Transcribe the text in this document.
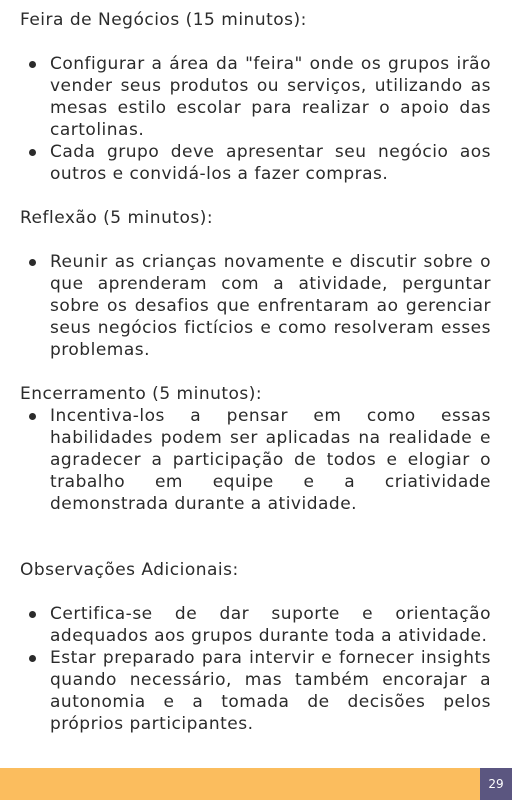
Feira de Negócios (15 minutos):

Configurar a área da "feira" onde os grupos irão vender seus produtos ou serviços, utilizando as mesas estilo escolar para realizar o apoio das cartolinas.
Cada grupo deve apresentar seu negócio aos outros e convidá-los a fazer compras.

Reflexão (5 minutos):

Reunir as crianças novamente e discutir sobre o que aprenderam com a atividade, perguntar sobre os desafios que enfrentaram ao gerenciar seus negócios fictícios e como resolveram esses problemas.

Encerramento (5 minutos):

Incentiva-los a pensar em como essas habilidades podem ser aplicadas na realidade e agradecer a participação de todos e elogiar o trabalho em equipe e a criatividade demonstrada durante a atividade.

Observações Adicionais:

Certifica-se de dar suporte e orientação adequados aos grupos durante toda a atividade.
Estar preparado para intervir e fornecer insights quando necessário, mas também encorajar a autonomia e a tomada de decisões pelos próprios participantes.
29
